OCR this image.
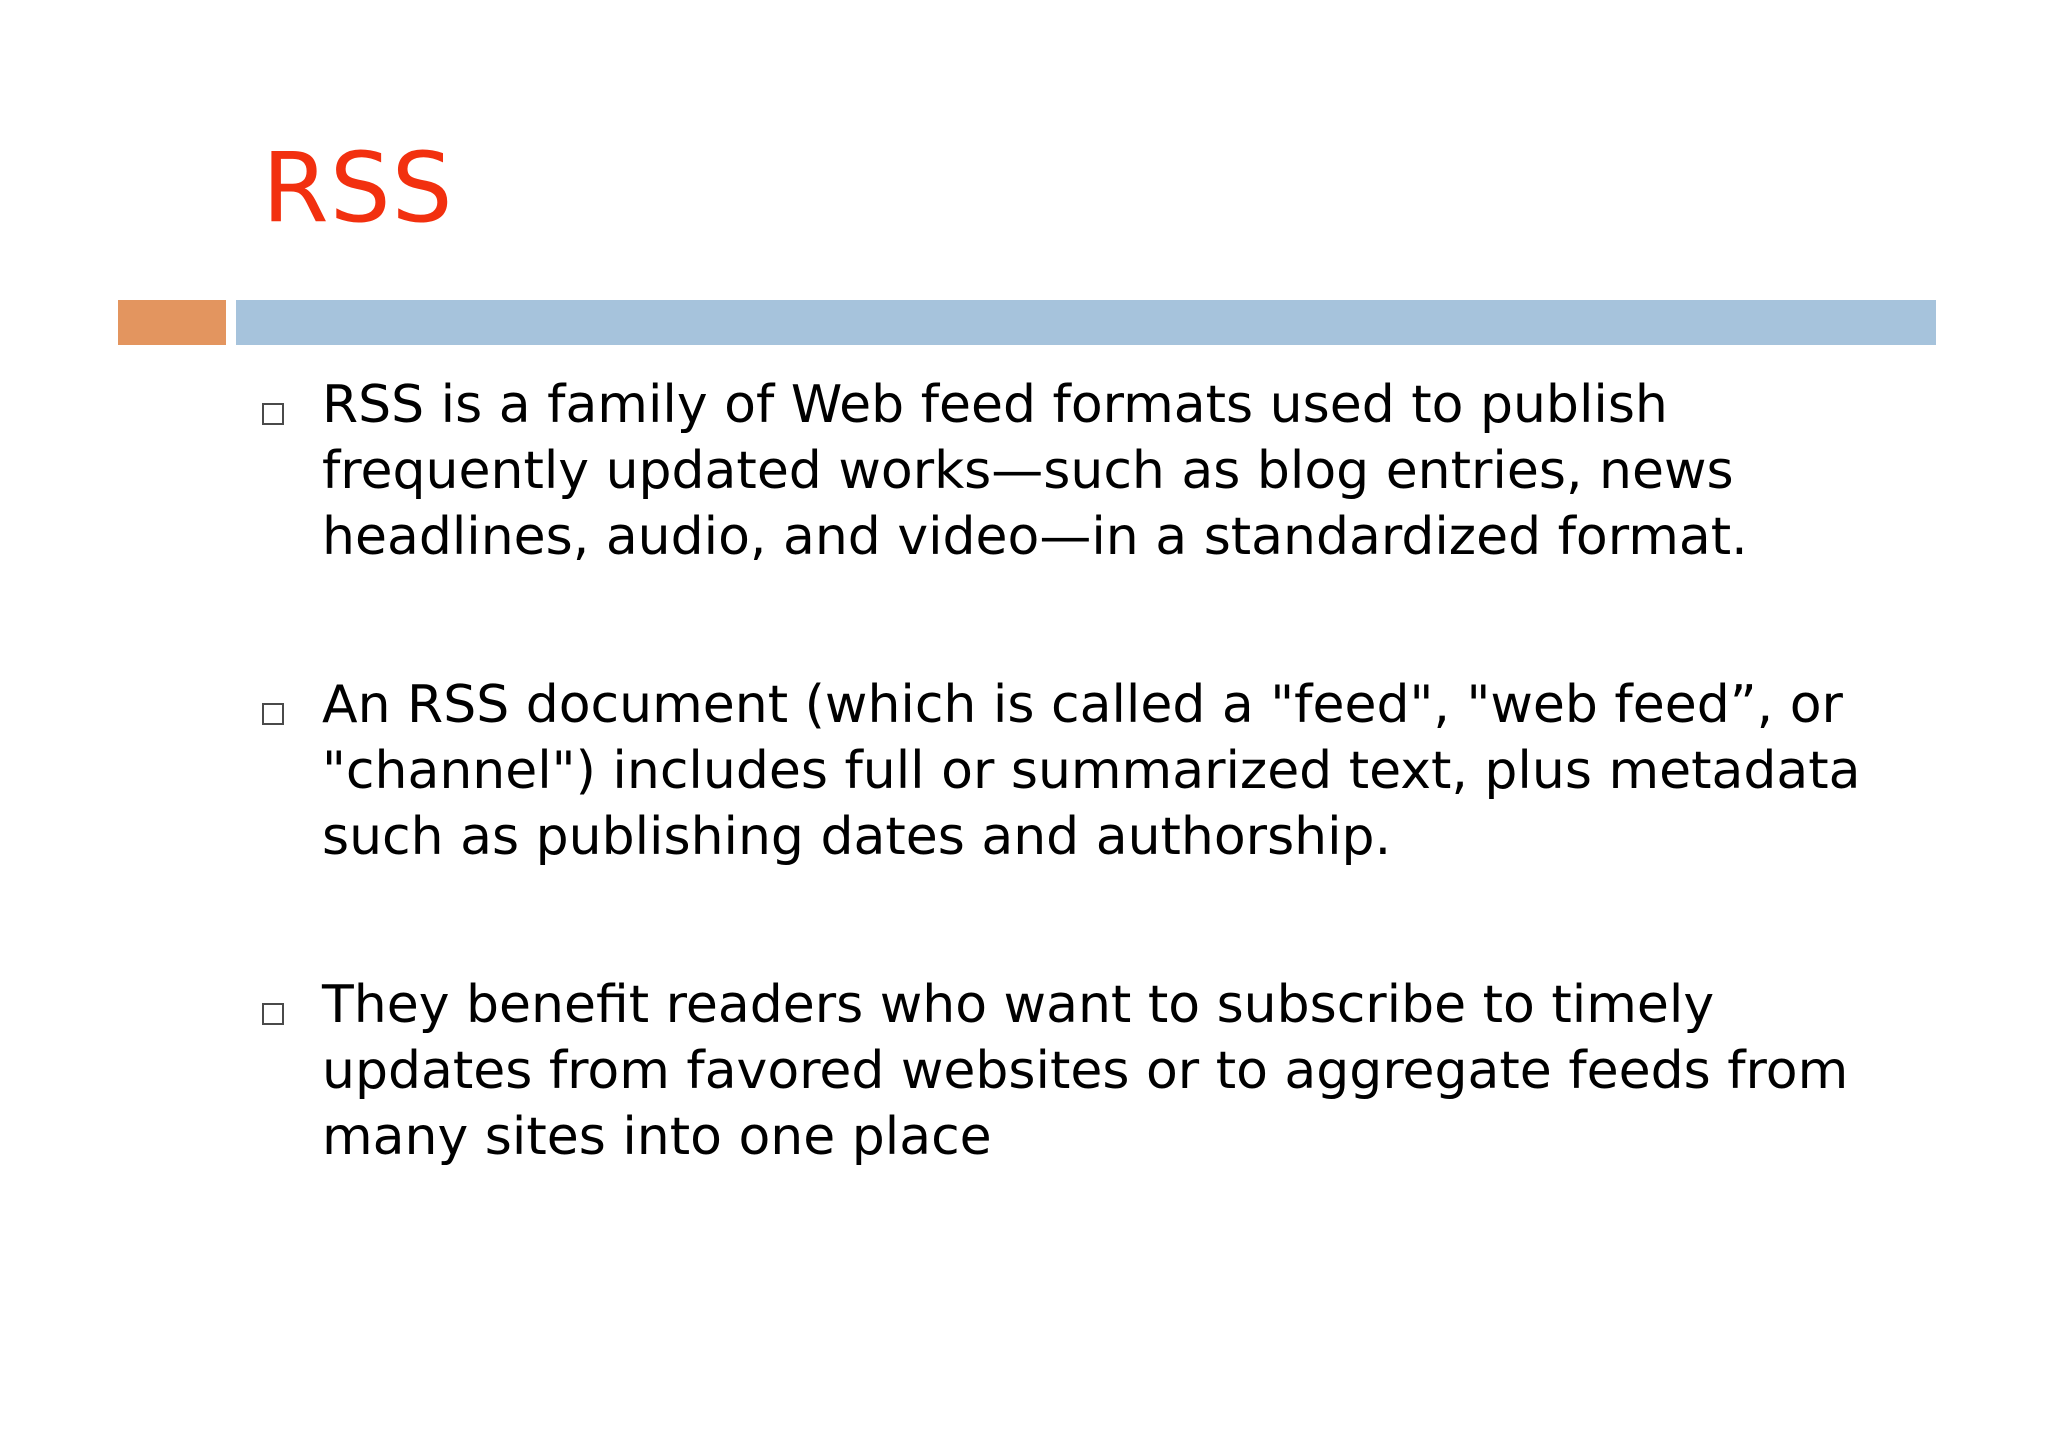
RSS
RSS is a family of Web feed formats used to publish frequently updated works—such as blog entries, news headlines, audio, and video—in a standardized format.
An RSS document (which is called a "feed", "web feed”, or "channel") includes full or summarized text, plus metadata such as publishing dates and authorship.
They benefit readers who want to subscribe to timely updates from favored websites or to aggregate feeds from many sites into one place
